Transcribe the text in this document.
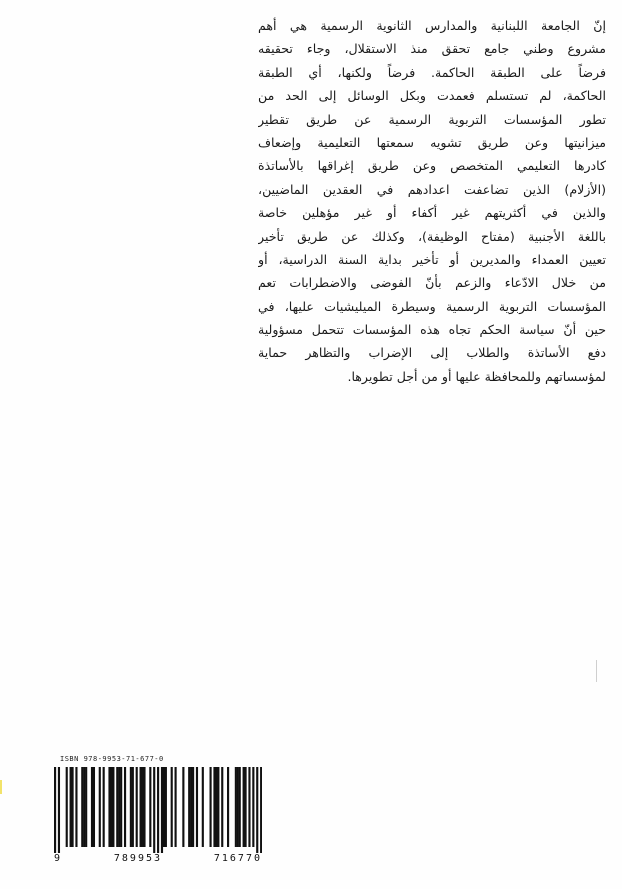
إنّ الجامعة اللبنانية والمدارس الثانوية الرسمية هي أهم
مشروع وطني جامع تحقق منذ الاستقلال، وجاء تحقيقه
فرضاً على الطبقة الحاكمة. فرضاً ولكنها، أي الطبقة
الحاكمة، لم تستسلم فعمدت وبكل الوسائل إلى الحد من
تطور المؤسسات التربوية الرسمية عن طريق تقطير
ميزانيتها وعن طريق تشويه سمعتها التعليمية وإضعاف
كادرها التعليمي المتخصص وعن طريق إغراقها بالأساتذة
(الأزلام) الذين تضاعفت اعدادهم في العقدين الماضيين،
والذين في أكثريتهم غير أكفاء أو غير مؤهلين خاصة
باللغة الأجنبية (مفتاح الوظيفة)، وكذلك عن طريق تأخير
تعيين العمداء والمديرين أو تأخير بداية السنة الدراسية، أو
من خلال الادّعاء والزعم بأنّ الفوضى والاضطرابات تعم
المؤسسات التربوية الرسمية وسيطرة الميليشيات عليها، في
حين أنّ سياسة الحكم تجاه هذه المؤسسات تتحمل مسؤولية
دفع الأساتذة والطلاب إلى الإضراب والتظاهر حماية
لمؤسساتهم وللمحافظة عليها أو من أجل تطويرها.
ISBN 978-9953-71-677-0
9	789953	716770
